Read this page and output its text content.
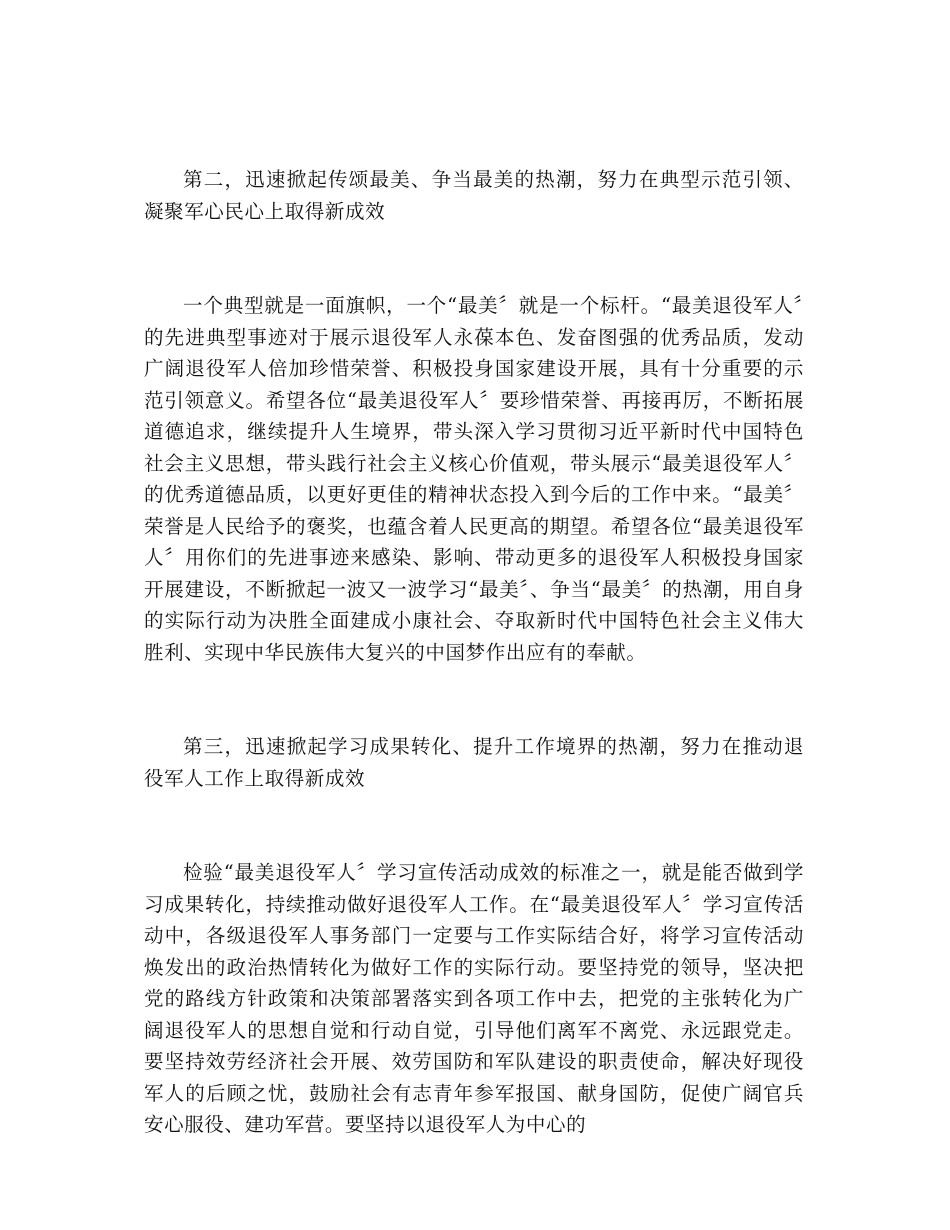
第二，迅速掀起传颂最美、争当最美的热潮，努力在典型示范引领、凝聚军心民心上取得新成效

一个典型就是一面旗帜，一个“最美〞就是一个标杆。“最美退役军人〞的先进典型事迹对于展示退役军人永葆本色、发奋图强的优秀品质，发动广阔退役军人倍加珍惜荣誉、积极投身国家建设开展，具有十分重要的示范引领意义。希望各位“最美退役军人〞要珍惜荣誉、再接再厉，不断拓展道德追求，继续提升人生境界，带头深入学习贯彻习近平新时代中国特色社会主义思想，带头践行社会主义核心价值观，带头展示“最美退役军人〞的优秀道德品质，以更好更佳的精神状态投入到今后的工作中来。“最美〞荣誉是人民给予的褒奖，也蕴含着人民更高的期望。希望各位“最美退役军人〞用你们的先进事迹来感染、影响、带动更多的退役军人积极投身国家开展建设，不断掀起一波又一波学习“最美〞、争当“最美〞的热潮，用自身的实际行动为决胜全面建成小康社会、夺取新时代中国特色社会主义伟大胜利、实现中华民族伟大复兴的中国梦作出应有的奉献。

第三，迅速掀起学习成果转化、提升工作境界的热潮，努力在推动退役军人工作上取得新成效

检验“最美退役军人〞学习宣传活动成效的标准之一，就是能否做到学习成果转化，持续推动做好退役军人工作。在“最美退役军人〞学习宣传活动中，各级退役军人事务部门一定要与工作实际结合好，将学习宣传活动焕发出的政治热情转化为做好工作的实际行动。要坚持党的领导，坚决把党的路线方针政策和决策部署落实到各项工作中去，把党的主张转化为广阔退役军人的思想自觉和行动自觉，引导他们离军不离党、永远跟党走。要坚持效劳经济社会开展、效劳国防和军队建设的职责使命，解决好现役军人的后顾之忧，鼓励社会有志青年参军报国、献身国防，促使广阔官兵安心服役、建功军营。要坚持以退役军人为中心的
